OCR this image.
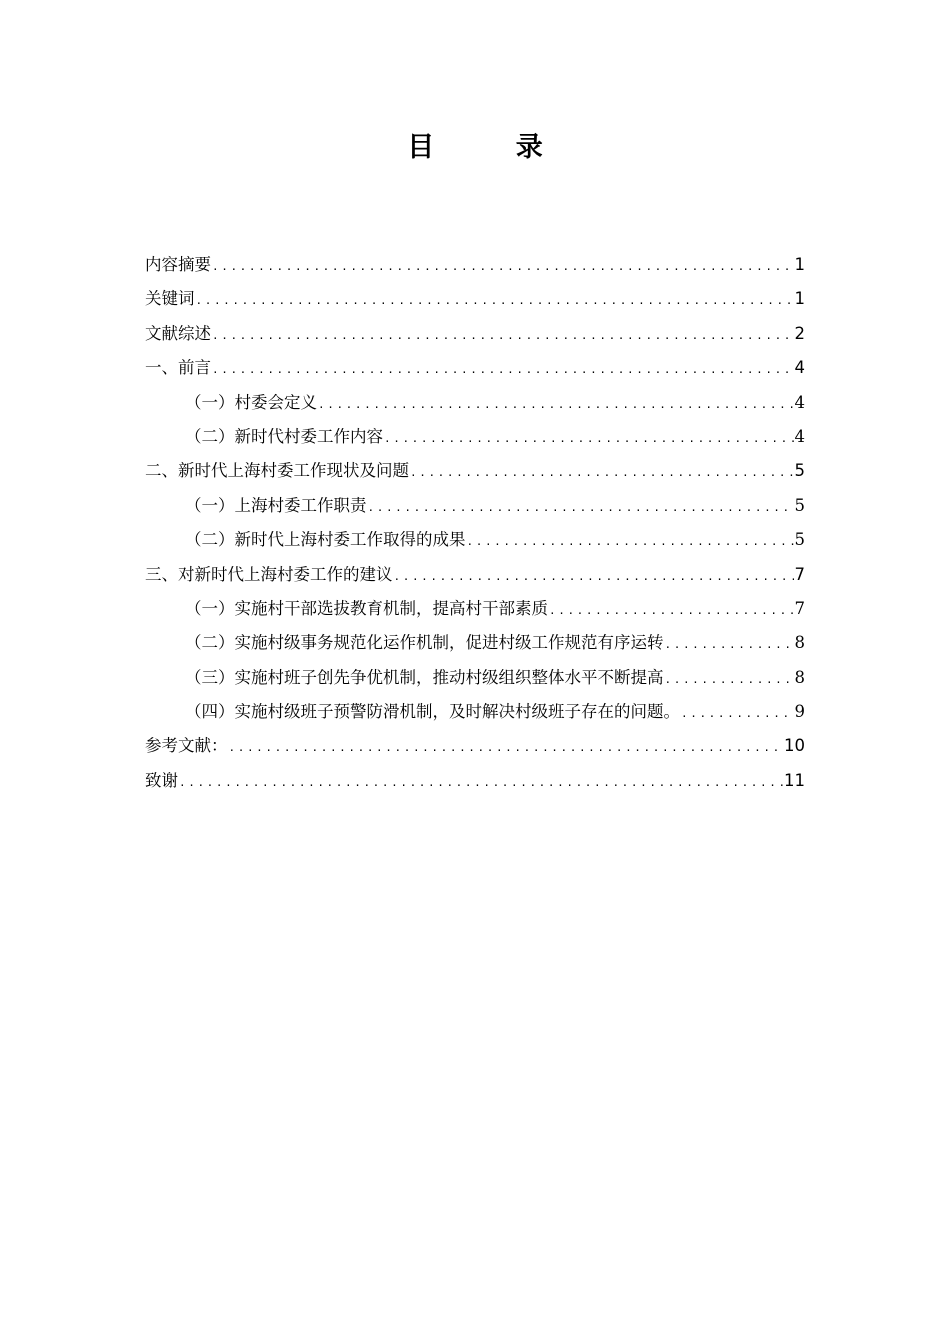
目 录
内容摘要 .....	1
关键词 .....	1
文献综述 .....	2
一、前言 .....	4
（一）村委会定义 .....	4
（二）新时代村委工作内容 .....	4
二、新时代上海村委工作现状及问题 .....	5
（一）上海村委工作职责 .....	5
（二）新时代上海村委工作取得的成果 .....	5
三、对新时代上海村委工作的建议 .....	7
（一）实施村干部选拔教育机制，提高村干部素质 .....	7
（二）实施村级事务规范化运作机制，促进村级工作规范有序运转 .....	8
（三）实施村班子创先争优机制，推动村级组织整体水平不断提高 .....	8
（四）实施村级班子预警防滑机制，及时解决村级班子存在的问题。 .....	9
参考文献： .....	10
致谢 .....	11
